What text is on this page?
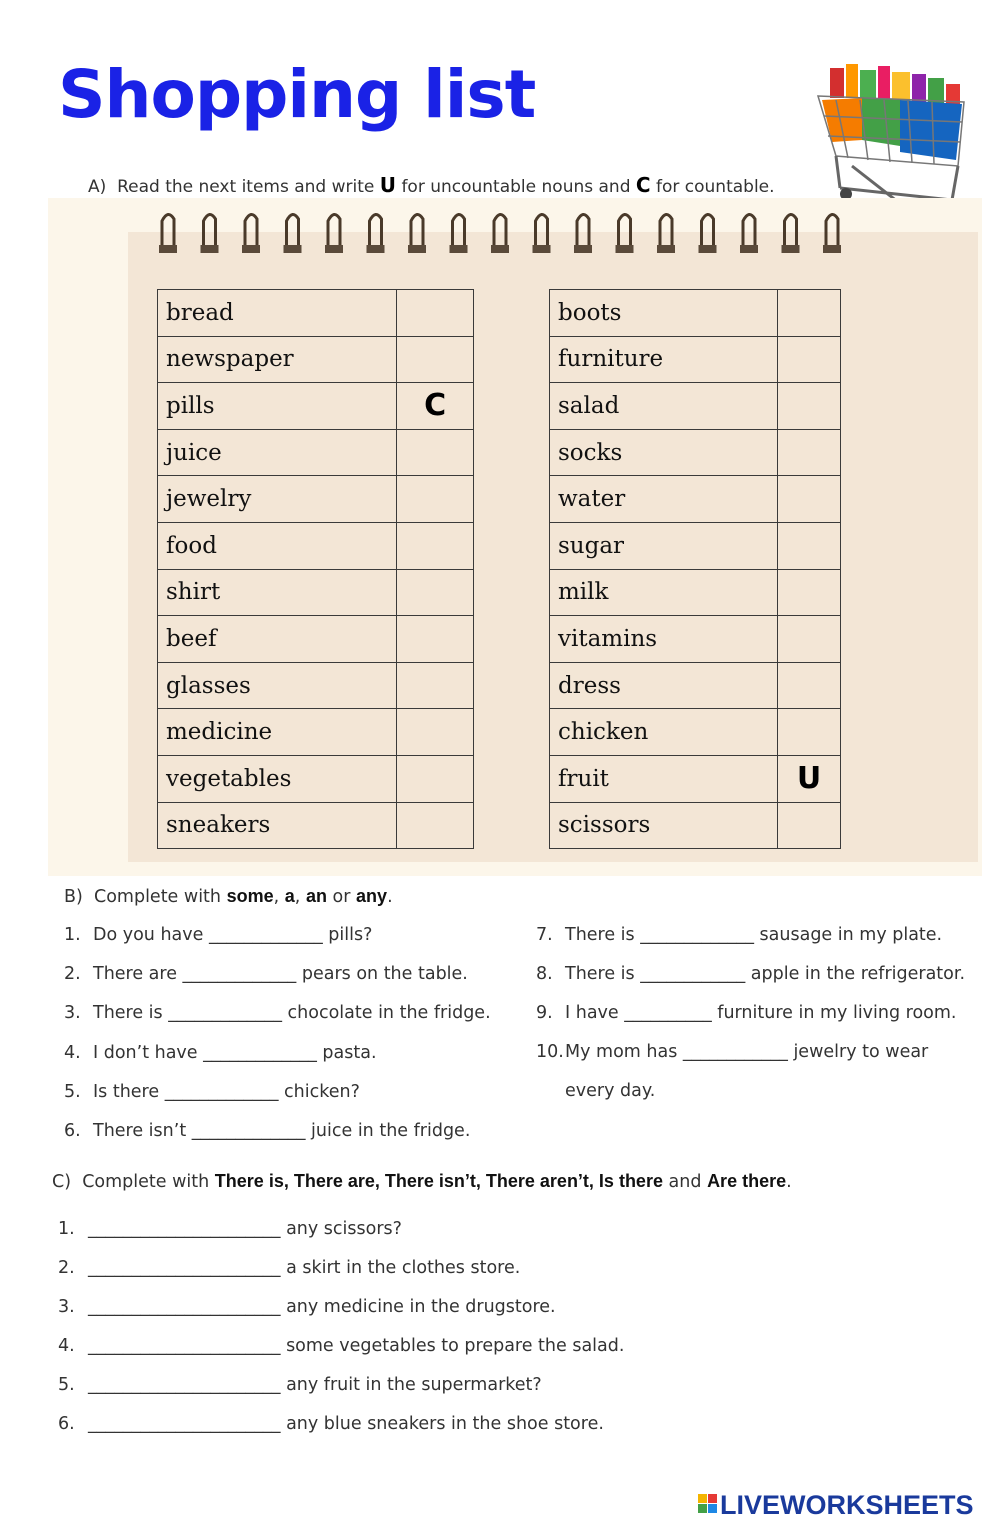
Shopping list
A) Read the next items and write U for uncountable nouns and C for countable.
bread	
newspaper	
pills	C
juice	
jewelry	
food	
shirt	
beef	
glasses	
medicine	
vegetables	
sneakers	
boots	
furniture	
salad	
socks	
water	
sugar	
milk	
vitamins	
dress	
chicken	
fruit	U
scissors	
B) Complete with some, a, an or any.
1. Do you have _____________ pills?
2. There are _____________ pears on the table.
3. There is _____________ chocolate in the fridge.
4. I don’t have _____________ pasta.
5. Is there _____________ chicken?
6. There isn’t _____________ juice in the fridge.
7. There is _____________ sausage in my plate.
8. There is ____________ apple in the refrigerator.
9. I have __________ furniture in my living room.
10. My mom has ____________ jewelry to wear
every day.
C) Complete with There is, There are, There isn’t, There aren’t, Is there and Are there.
1. ______________________ any scissors?
2. ______________________ a skirt in the clothes store.
3. ______________________ any medicine in the drugstore.
4. ______________________ some vegetables to prepare the salad.
5. ______________________ any fruit in the supermarket?
6. ______________________ any blue sneakers in the shoe store.
LIVEWORKSHEETS
